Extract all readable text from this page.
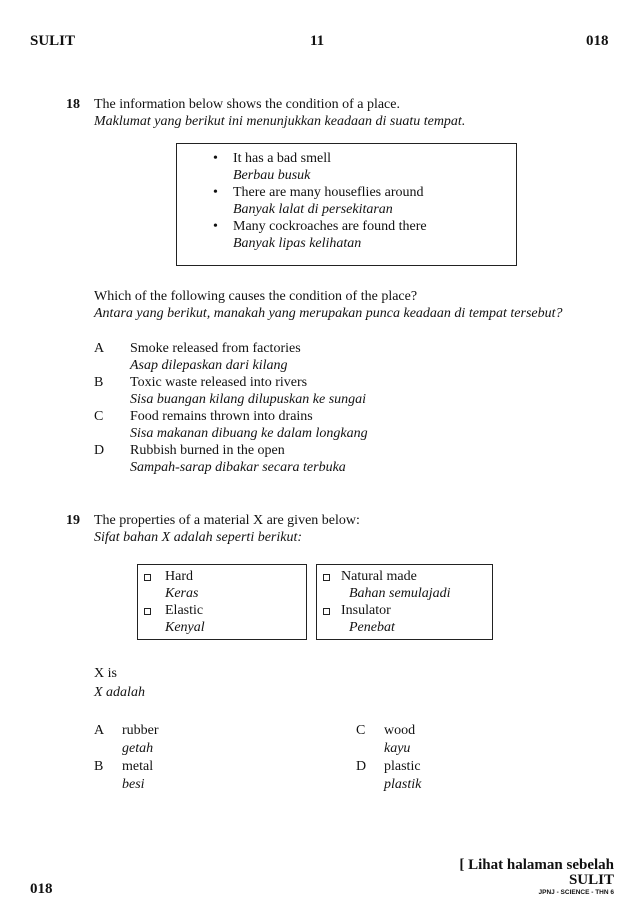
SULIT	11	018
18 The information below shows the condition of a place.
Maklumat yang berikut ini menunjukkan keadaan di suatu tempat.
• It has a bad smell
Berbau busuk
• There are many houseflies around
Banyak lalat di persekitaran
• Many cockroaches are found there
Banyak lipas kelihatan
Which of the following causes the condition of the place?
Antara yang berikut, manakah yang merupakan punca keadaan di tempat tersebut?
A Smoke released from factories
Asap dilepaskan dari kilang
B Toxic waste released into rivers
Sisa buangan kilang dilupuskan ke sungai
C Food remains thrown into drains
Sisa makanan dibuang ke dalam longkang
D Rubbish burned in the open
Sampah-sarap dibakar secara terbuka
19 The properties of a material X are given below:
Sifat bahan X adalah seperti berikut:
Hard
Keras
Elastic
Kenyal
Natural made
Bahan semulajadi
Insulator
Penebat
X is
X adalah
A rubber
getah
B metal
besi
C wood
kayu
D plastic
plastik
018
[ Lihat halaman sebelah
SULIT
JPNJ - SCIENCE - THN 6
